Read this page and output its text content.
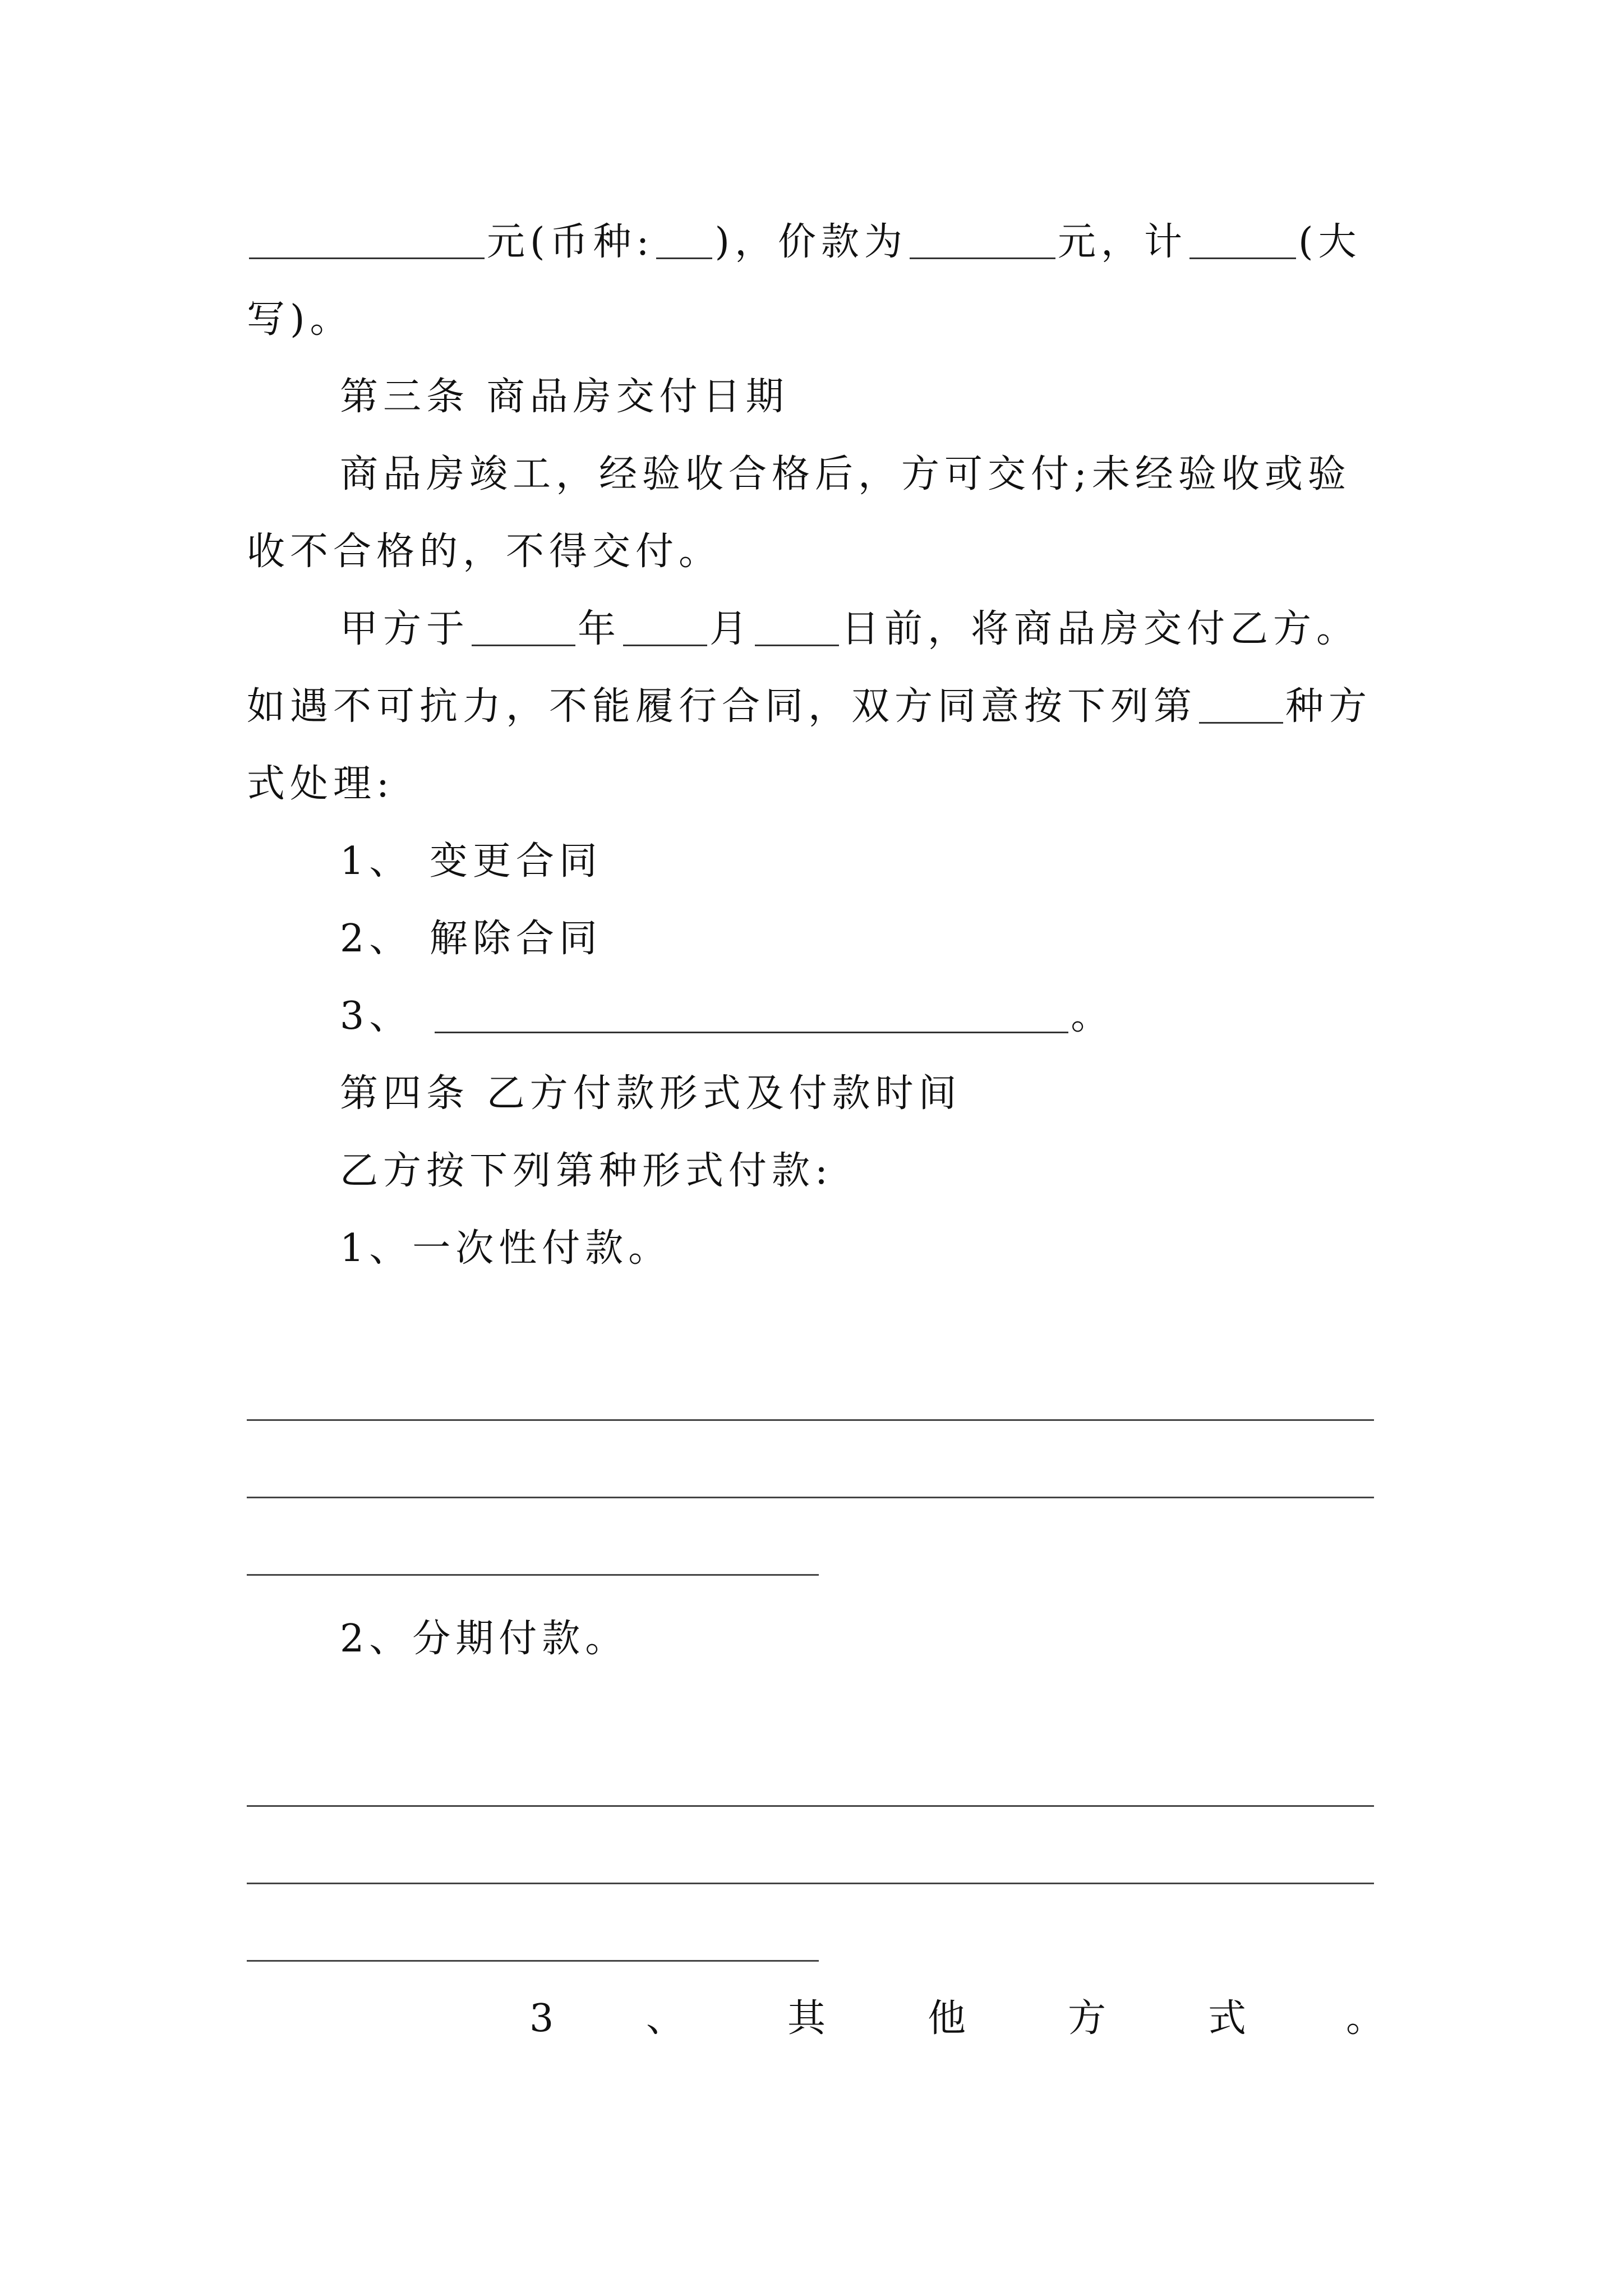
元(币种: )，价款为	元，计	(大
写)。
第三条 商品房交付日期
商品房竣工，经验收合格后，方可交付;未经验收或验
收不合格的，不得交付。
甲方于	年 月 日前，将商品房交付乙方。
如遇不可抗力，不能履行合同，双方同意按下列第 种方
式处理:
1、 变更合同
2、 解除合同
3、	。
第四条 乙方付款形式及付款时间
乙方按下列第种形式付款:
1、一次性付款。
2、分期付款。
3 、	其	他	方	式	。
